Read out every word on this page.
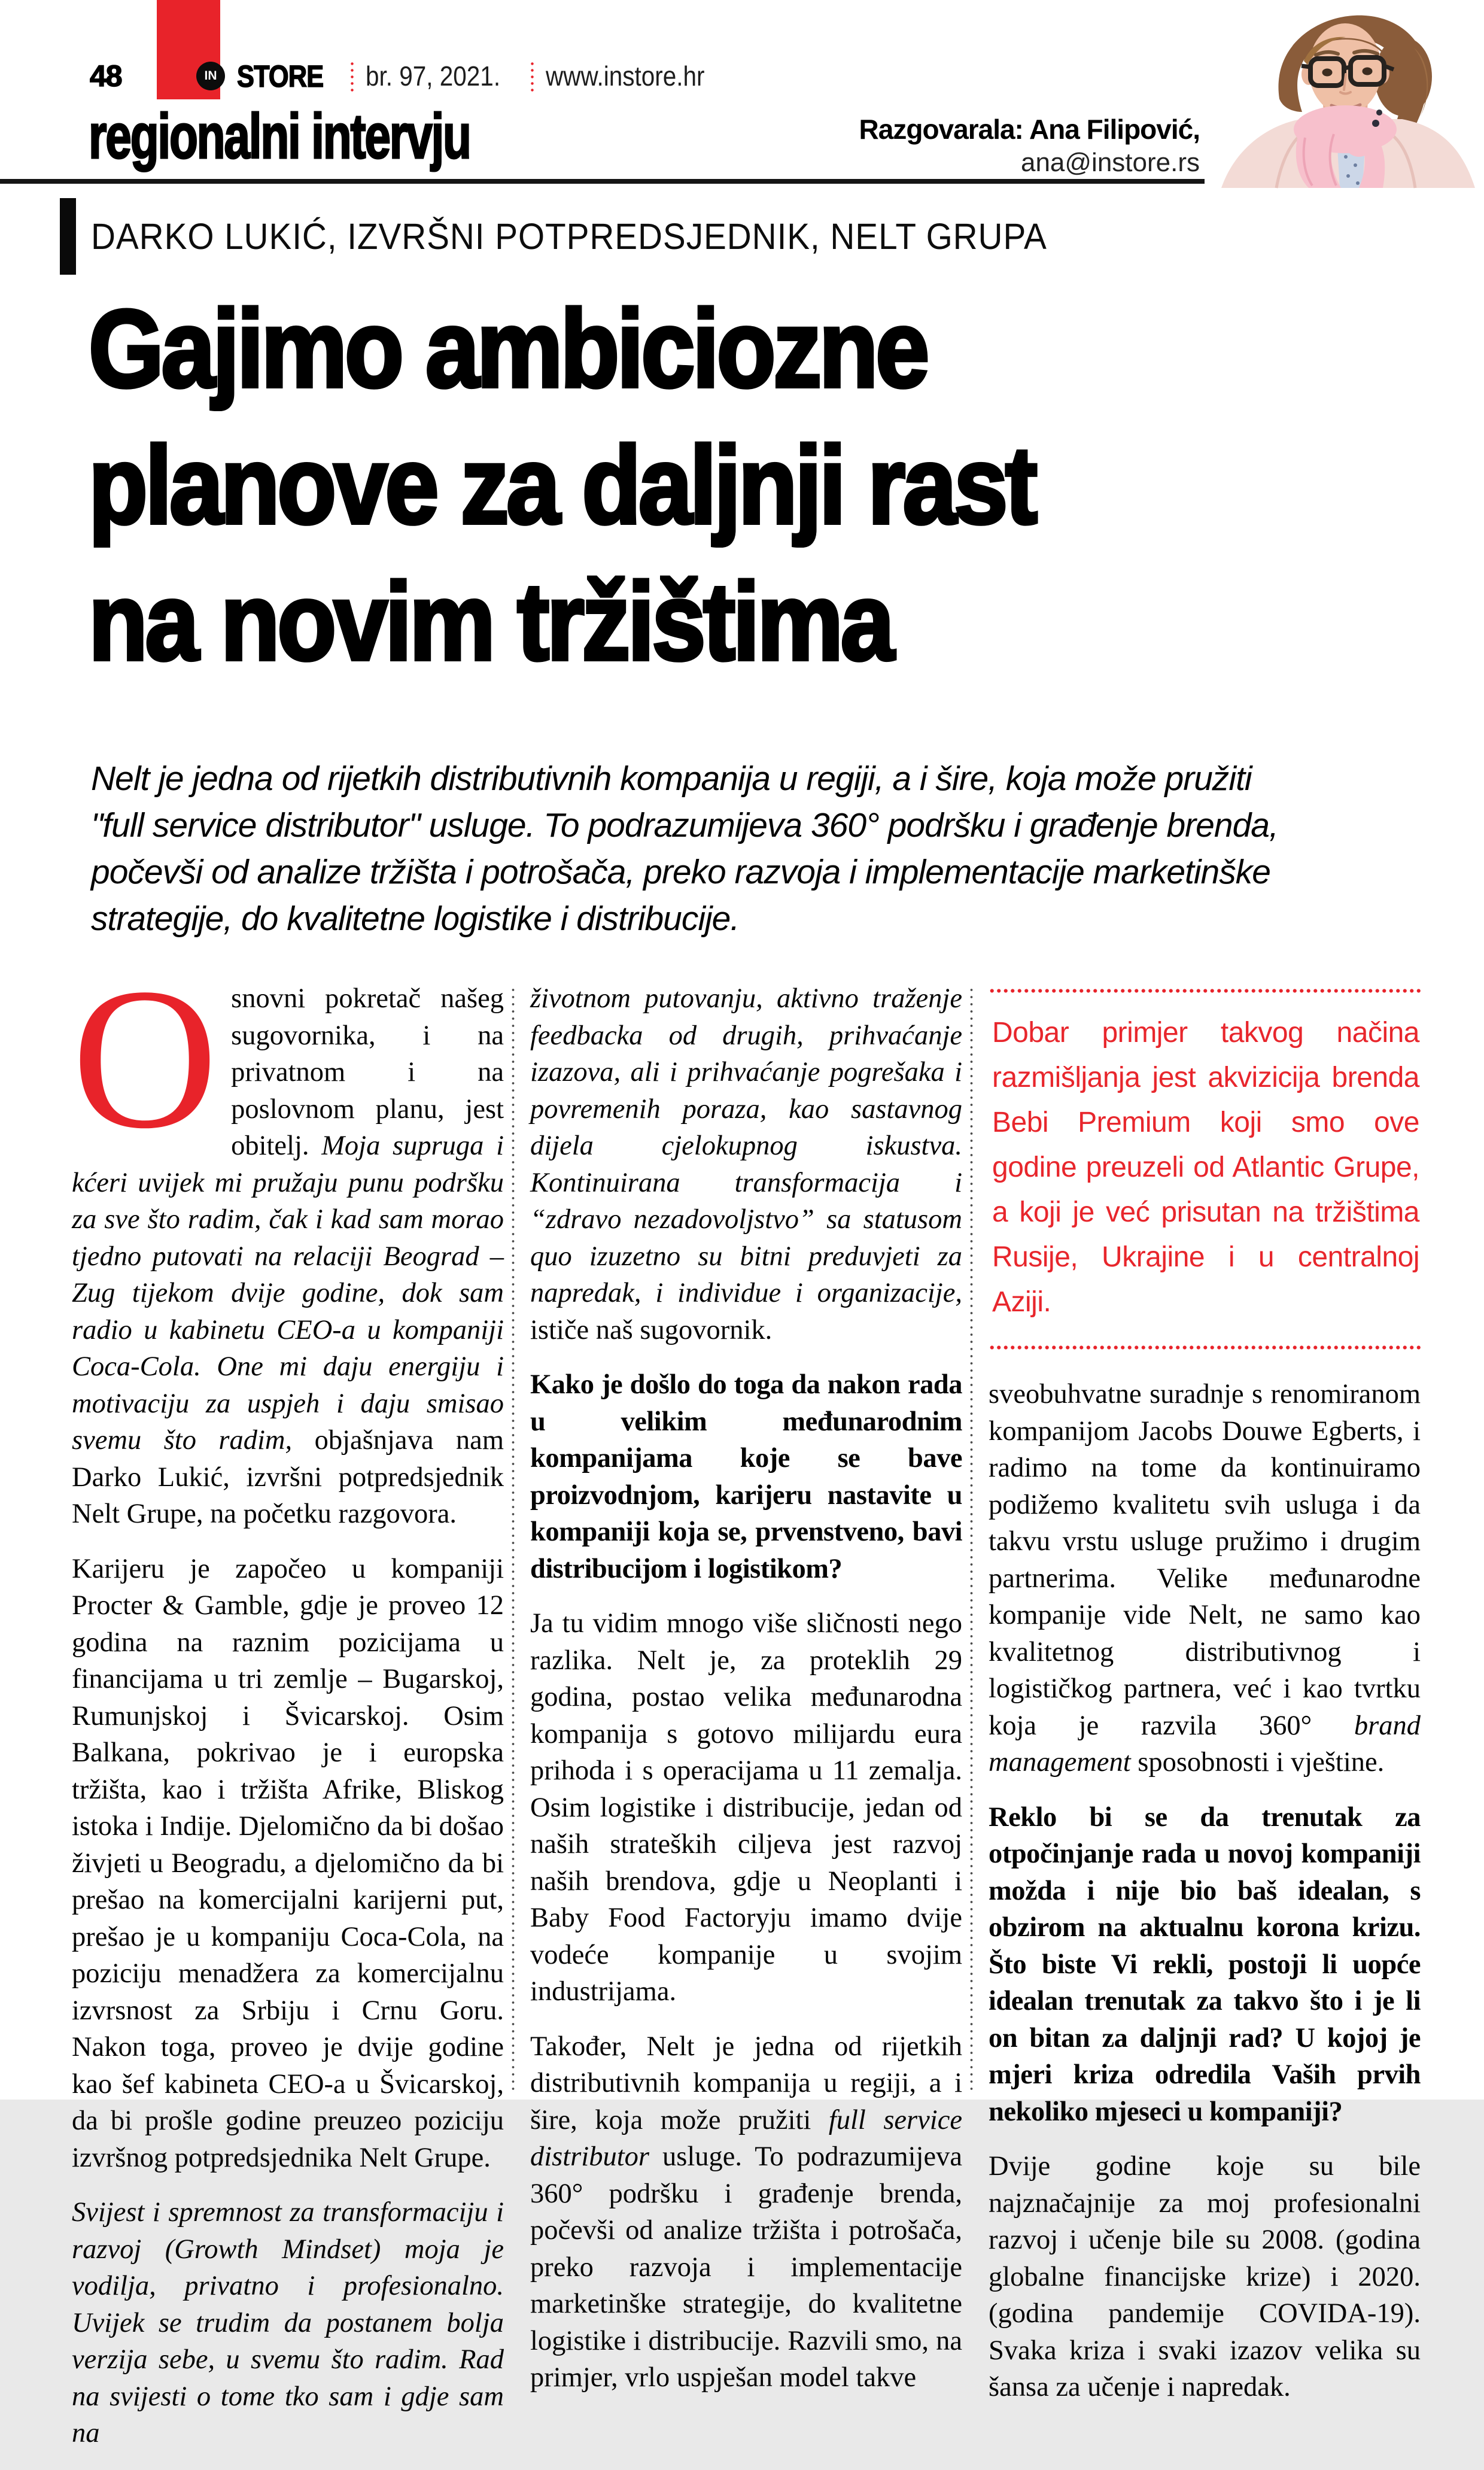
48	IN STORE br. 97, 2021. www.instore.hr
regionalni intervju	Razgovarala: Ana Filipović,
ana@instore.rs
DARKO LUKIĆ, IZVRŠNI POTPREDSJEDNIK, NELT GRUPA
Gajimo ambiciozne
planove za daljnji rast
na novim tržištima
Nelt je jedna od rijetkih distributivnih kompanija u regiji, a i šire, koja može pružiti "full service distributor" usluge. To podrazumijeva 360° podršku i građenje brenda, počevši od analize tržišta i potrošača, preko razvoja i implementacije marketinške strategije, do kvalitetne logistike i distribucije.

Osnovni pokretač našeg sugovornika, i na privatnom i na poslovnom planu, jest obitelj. Moja supruga i kćeri uvijek mi pružaju punu podršku za sve što radim, čak i kad sam morao tjedno putovati na relaciji Beograd – Zug tijekom dvije godine, dok sam radio u kabinetu CEO-a u kompaniji Coca-Cola. One mi daju energiju i motivaciju za uspjeh i daju smisao svemu što radim, objašnjava nam Darko Lukić, izvršni potpredsjednik Nelt Grupe, na početku razgovora.

Karijeru je započeo u kompaniji Procter & Gamble, gdje je proveo 12 godina na raznim pozicijama u financijama u tri zemlje – Bugarskoj, Rumunjskoj i Švicarskoj. Osim Balkana, pokrivao je i europska tržišta, kao i tržišta Afrike, Bliskog istoka i Indije. Djelomično da bi došao živjeti u Beogradu, a djelomično da bi prešao na komercijalni karijerni put, prešao je u kompaniju Coca-Cola, na poziciju menadžera za komercijalnu izvrsnost za Srbiju i Crnu Goru. Nakon toga, proveo je dvije godine kao šef kabineta CEO-a u Švicarskoj, da bi prošle godine preuzeo poziciju izvršnog potpredsjednika Nelt Grupe.

Svijest i spremnost za transformaciju i razvoj (Growth Mindset) moja je vodilja, privatno i profesionalno. Uvijek se trudim da postanem bolja verzija sebe, u svemu što radim. Rad na svijesti o tome tko sam i gdje sam na

životnom putovanju, aktivno traženje feedbacka od drugih, prihvaćanje izazova, ali i prihvaćanje pogrešaka i povremenih poraza, kao sastavnog dijela cjelokupnog iskustva. Kontinuirana transformacija i “zdravo nezadovoljstvo” sa statusom quo izuzetno su bitni preduvjeti za napredak, i individue i organizacije, ističe naš sugovornik.

Kako je došlo do toga da nakon rada u velikim međunarodnim kompanijama koje se bave proizvodnjom, karijeru nastavite u kompaniji koja se, prvenstveno, bavi distribucijom i logistikom?

Ja tu vidim mnogo više sličnosti nego razlika. Nelt je, za proteklih 29 godina, postao velika međunarodna kompanija s gotovo milijardu eura prihoda i s operacijama u 11 zemalja. Osim logistike i distribucije, jedan od naših strateških ciljeva jest razvoj naših brendova, gdje u Neoplanti i Baby Food Factoryju imamo dvije vodeće kompanije u svojim industrijama.

Također, Nelt je jedna od rijetkih distributivnih kompanija u regiji, a i šire, koja može pružiti full service distributor usluge. To podrazumijeva 360° podršku i građenje brenda, počevši od analize tržišta i potrošača, preko razvoja i implementacije marketinške strategije, do kvalitetne logistike i distribucije. Razvili smo, na primjer, vrlo uspješan model takve

Dobar primjer takvog načina razmišljanja jest akvizicija brenda Bebi Premium koji smo ove godine preuzeli od Atlantic Grupe, a koji je već prisutan na tržištima Rusije, Ukrajine i u centralnoj Aziji.

sveobuhvatne suradnje s renomiranom kompanijom Jacobs Douwe Egberts, i radimo na tome da kontinuiramo podižemo kvalitetu svih usluga i da takvu vrstu usluge pružimo i drugim partnerima. Velike međunarodne kompanije vide Nelt, ne samo kao kvalitetnog distributivnog i logističkog partnera, već i kao tvrtku koja je razvila 360° brand management sposobnosti i vještine.

Reklo bi se da trenutak za otpočinjanje rada u novoj kompaniji možda i nije bio baš idealan, s obzirom na aktualnu korona krizu. Što biste Vi rekli, postoji li uopće idealan trenutak za takvo što i je li on bitan za daljnji rad? U kojoj je mjeri kriza odredila Vaših prvih nekoliko mjeseci u kompaniji?

Dvije godine koje su bile najznačajnije za moj profesionalni razvoj i učenje bile su 2008. (godina globalne financijske krize) i 2020. (godina pandemije COVIDA-19). Svaka kriza i svaki izazov velika su šansa za učenje i napredak.
